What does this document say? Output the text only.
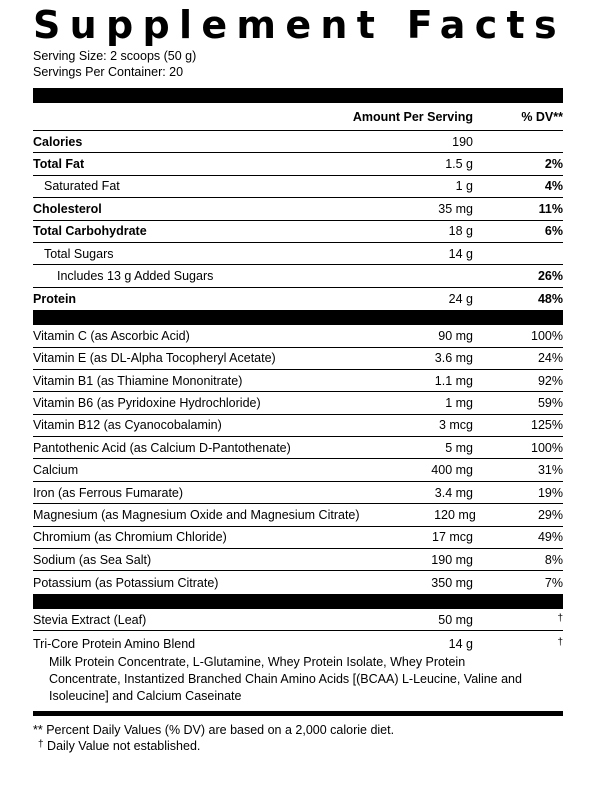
Supplement Facts
Serving Size: 2 scoops (50 g)
Servings Per Container: 20
Amount Per Serving	% DV**
Calories	190
Total Fat	1.5 g	2%
Saturated Fat	1 g	4%
Cholesterol	35 mg	11%
Total Carbohydrate	18 g	6%
Total Sugars	14 g
Includes 13 g Added Sugars	26%
Protein	24 g	48%
Vitamin C (as Ascorbic Acid)	90 mg	100%
Vitamin E (as DL-Alpha Tocopheryl Acetate)	3.6 mg	24%
Vitamin B1 (as Thiamine Mononitrate)	1.1 mg	92%
Vitamin B6 (as Pyridoxine Hydrochloride)	1 mg	59%
Vitamin B12 (as Cyanocobalamin)	3 mcg	125%
Pantothenic Acid (as Calcium D-Pantothenate)	5 mg	100%
Calcium	400 mg	31%
Iron (as Ferrous Fumarate)	3.4 mg	19%
Magnesium (as Magnesium Oxide and Magnesium Citrate)	120 mg	29%
Chromium (as Chromium Chloride)	17 mcg	49%
Sodium (as Sea Salt)	190 mg	8%
Potassium (as Potassium Citrate)	350 mg	7%
Stevia Extract (Leaf)	50 mg	†
Tri-Core Protein Amino Blend	14 g	†
Milk Protein Concentrate, L-Glutamine, Whey Protein Isolate, Whey Protein Concentrate, Instantized Branched Chain Amino Acids [(BCAA) L-Leucine, Valine and Isoleucine] and Calcium Caseinate
** Percent Daily Values (% DV) are based on a 2,000 calorie diet.
† Daily Value not established.
